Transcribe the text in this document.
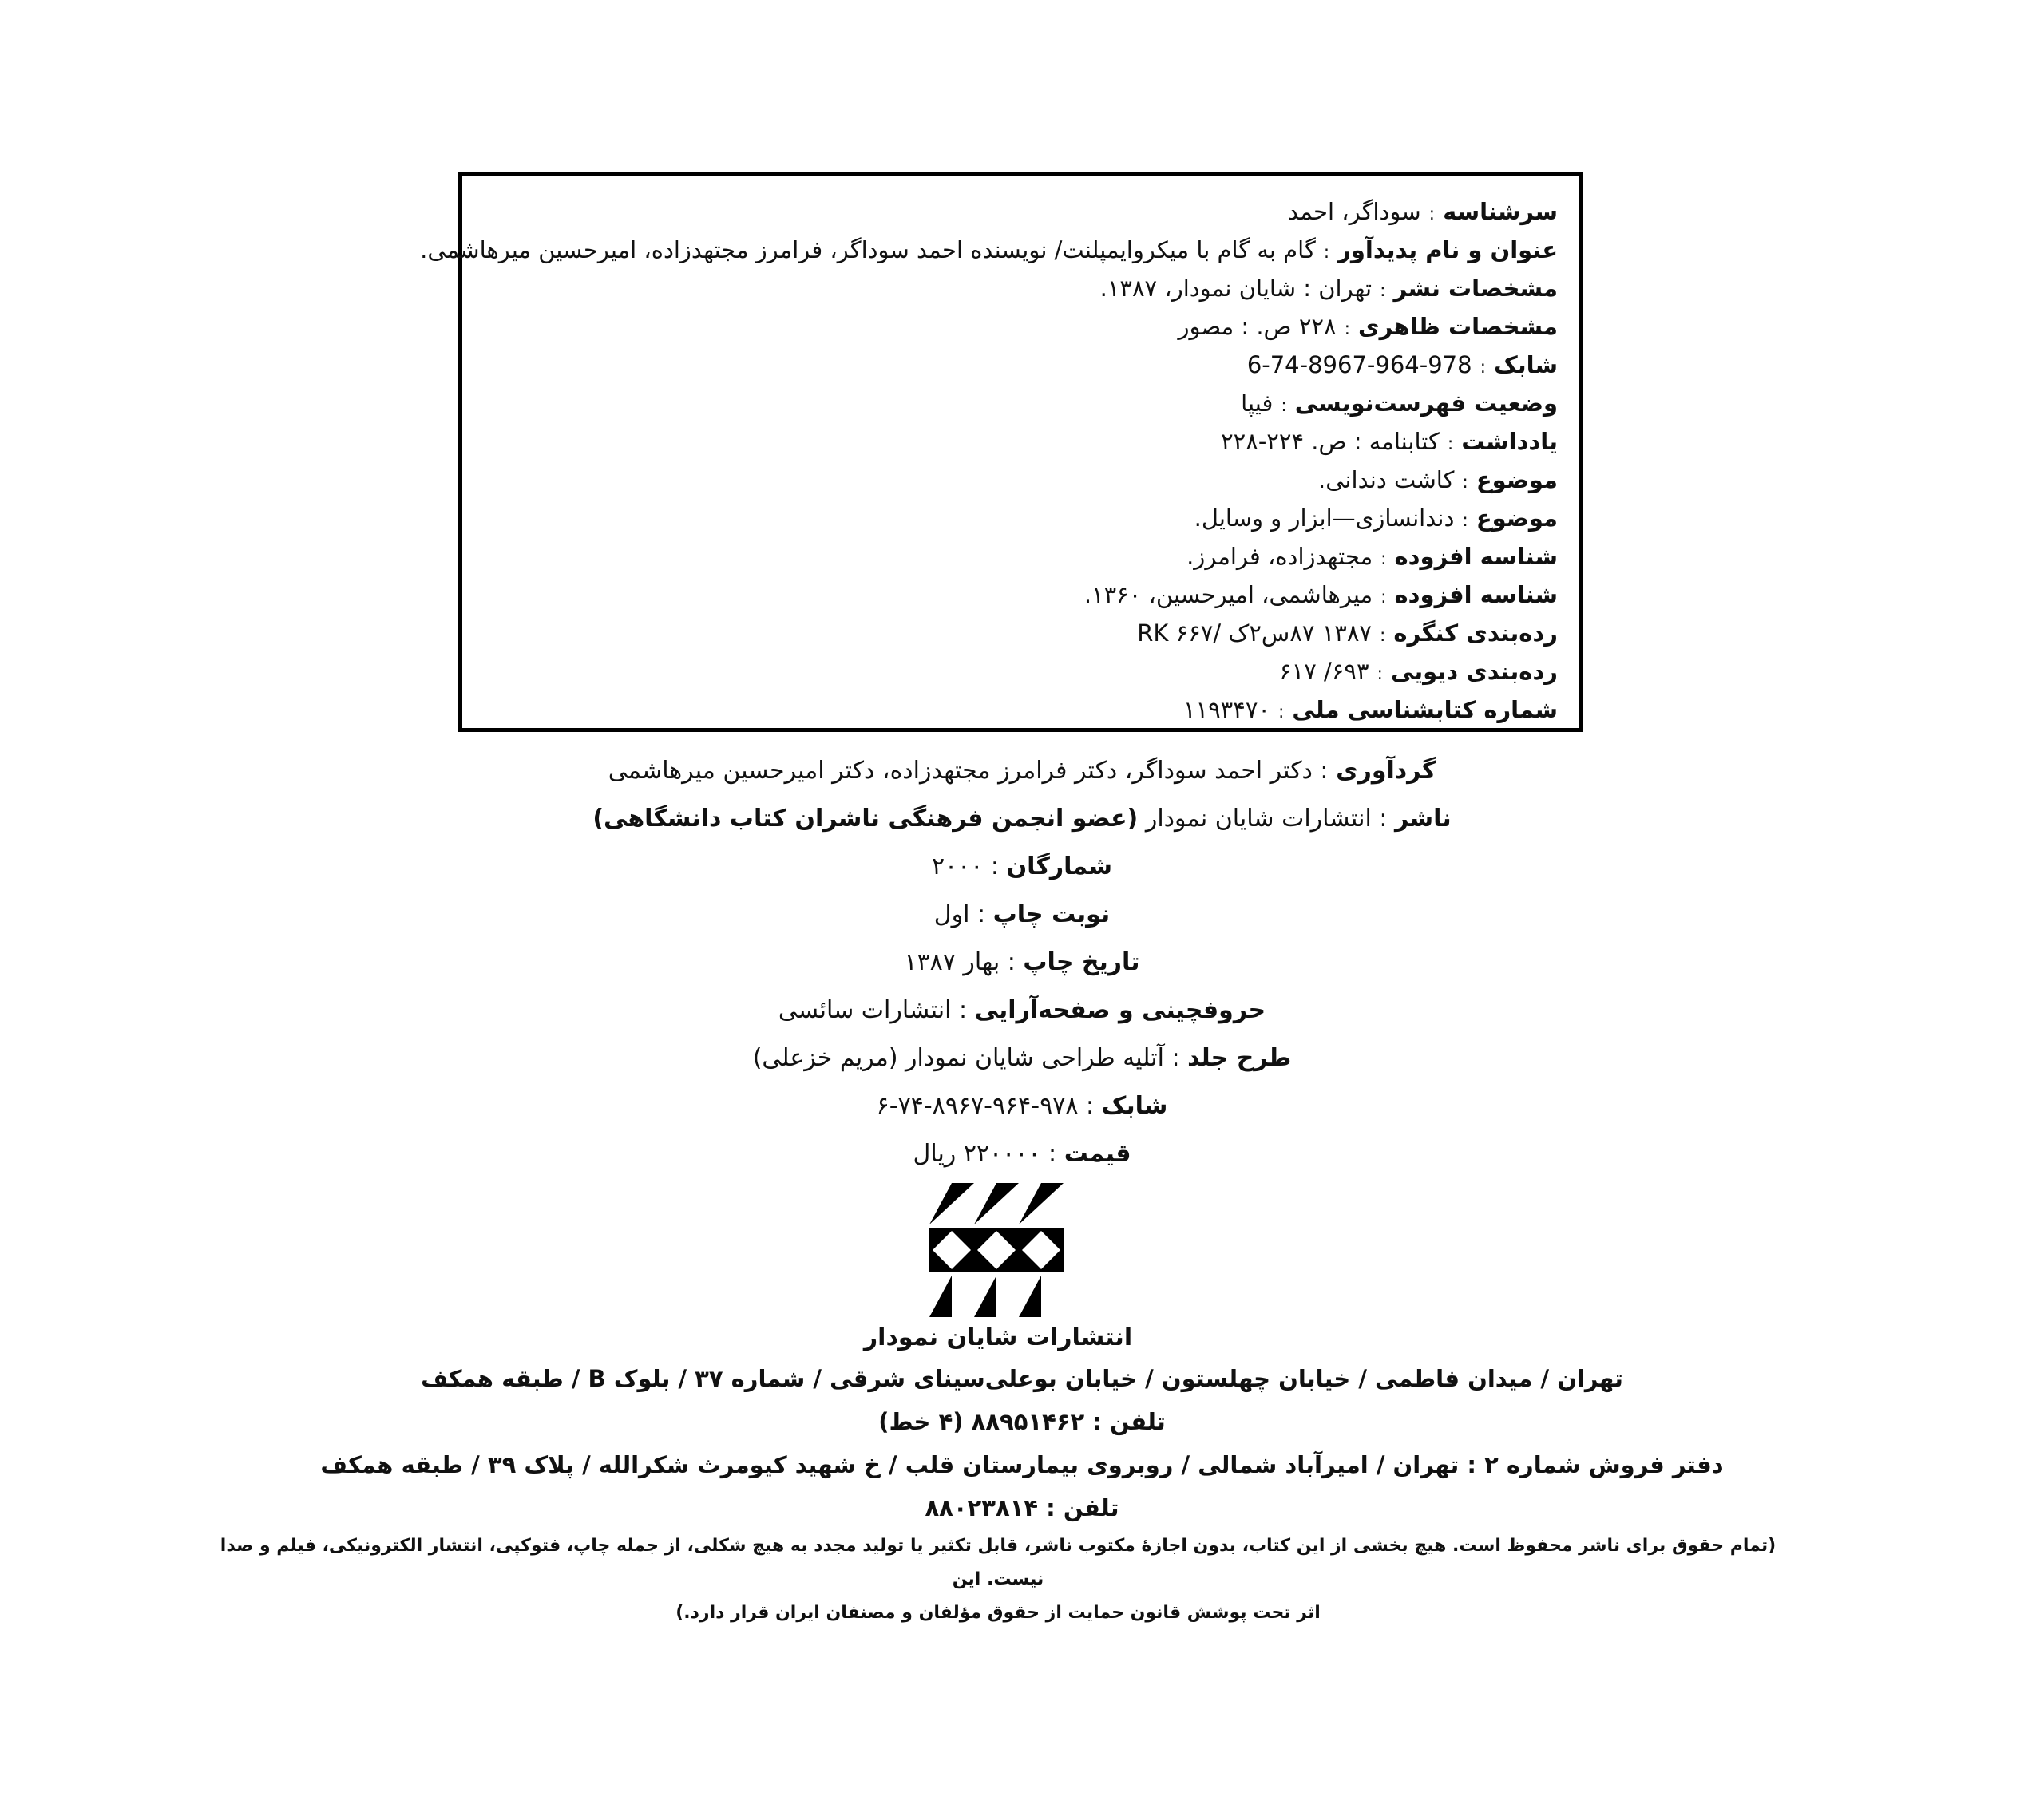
سرشناسه:سوداگر، احمد
عنوان و نام پدیدآور:گام به گام با میکروایمپلنت/ نویسنده احمد سوداگر، فرامرز مجتهدزاده، امیرحسین میرهاشمی.
مشخصات نشر:تهران : شایان نمودار، ۱۳۸۷.
مشخصات ظاهری:۲۲۸ ص. : مصور
شابک:978-964-8967-74-6
وضعیت فهرست‌نویسی:فیپا
یادداشت:کتابنامه : ص. ۲۲۴-۲۲۸
موضوع:کاشت دندانی.
موضوع:دندانسازی—ابزار و وسایل.
شناسه افزوده:مجتهدزاده، فرامرز.
شناسه افزوده:میرهاشمی، امیرحسین، ۱۳۶۰.
رده‌بندی کنگره:۱۳۸۷ ۸۷س۲ک /۶۶۷ RK
رده‌بندی دیویی:۶۹۳/ ۶۱۷
شماره کتابشناسی ملی:۱۱۹۳۴۷۰
گردآوری : دکتر احمد سوداگر، دکتر فرامرز مجتهدزاده، دکتر امیرحسین میرهاشمی
ناشر : انتشارات شایان نمودار (عضو انجمن فرهنگی ناشران کتاب دانشگاهی)
شمارگان : ۲۰۰۰
نوبت چاپ : اول
تاریخ چاپ : بهار ۱۳۸۷
حروفچینی و صفحه‌آرایی : انتشارات سائسی
طرح جلد : آتلیه طراحی شایان نمودار (مریم خزعلی)
شابک : ۹۷۸-۹۶۴-۸۹۶۷-۷۴-۶
قیمت : ۲۲۰۰۰۰ ریال
انتشارات شایان نمودار
تهران / میدان فاطمی / خیابان چهلستون / خیابان بوعلی‌سینای شرقی / شماره ۳۷ / بلوک B / طبقه همکف
تلفن : ۸۸۹۵۱۴۶۲ (۴ خط)
دفتر فروش شماره ۲ : تهران / امیرآباد شمالی / روبروی بیمارستان قلب / خ شهید کیومرث شکرالله / پلاک ۳۹ / طبقه همکف
تلفن : ۸۸۰۲۳۸۱۴
(تمام حقوق برای ناشر محفوظ است. هیچ بخشی از این کتاب، بدون اجازهٔ مکتوب ناشر، قابل تکثیر یا تولید مجدد به هیچ شکلی، از جمله چاپ، فتوکپی، انتشار الکترونیکی، فیلم و صدا نیست. این
اثر تحت پوشش قانون حمایت از حقوق مؤلفان و مصنفان ایران قرار دارد.)
